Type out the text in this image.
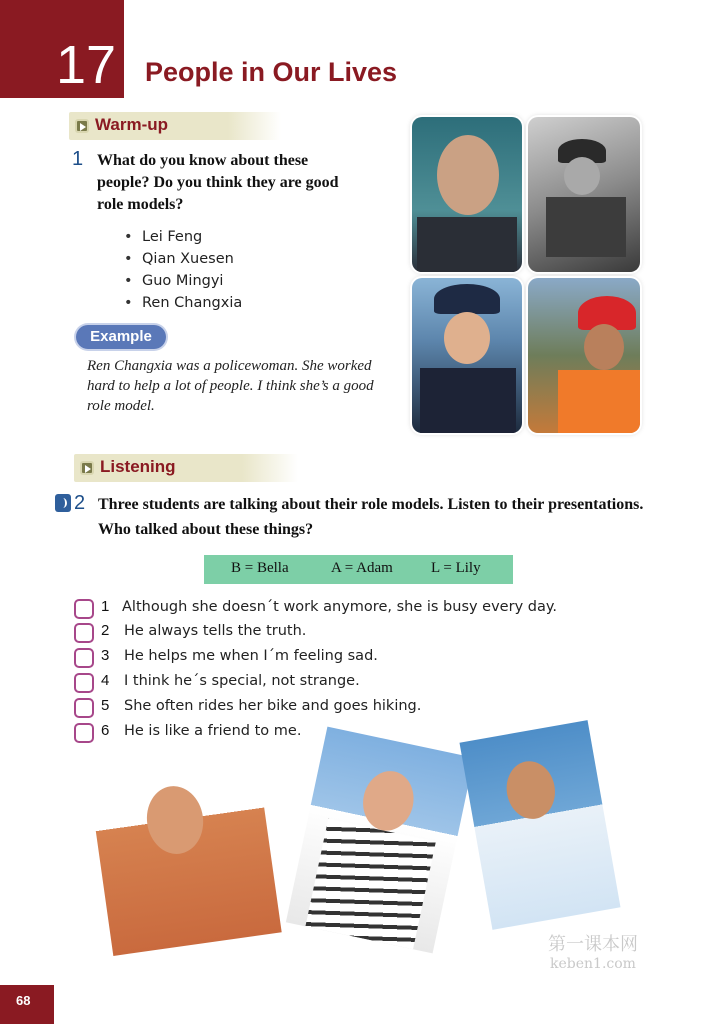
17 People in Our Lives
Warm-up
1 What do you know about these people? Do you think they are good role models?
• Lei Feng
• Qian Xuesen
• Guo Mingyi
• Ren Changxia
Example
Ren Changxia was a policewoman. She worked hard to help a lot of people. I think she’s a good role model.
Listening
2 Three students are talking about their role models. Listen to their presentations. Who talked about these things?
B = Bella	A = Adam	L = Lily
1 Although she doesn´t work anymore, she is busy every day.
2 He always tells the truth.
3 He helps me when I´m feeling sad.
4 I think he´s special, not strange.
5 She often rides her bike and goes hiking.
6 He is like a friend to me.
第一课本网
keben1.com
68
